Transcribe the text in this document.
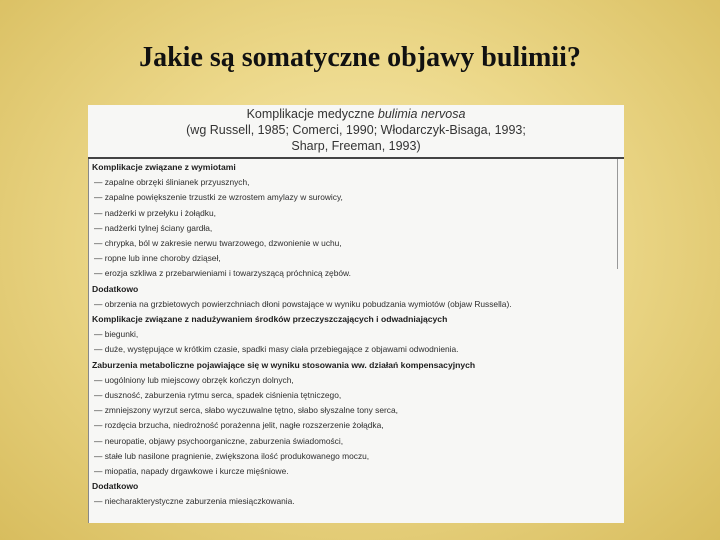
Jakie są somatyczne objawy bulimii?
Komplikacje medyczne bulimia nervosa
(wg Russell, 1985; Comerci, 1990; Włodarczyk-Bisaga, 1993;
Sharp, Freeman, 1993)
Komplikacje związane z wymiotami
— zapalne obrzęki ślinianek przyusznych,
— zapalne powiększenie trzustki ze wzrostem amylazy w surowicy,
— nadżerki w przełyku i żołądku,
— nadżerki tylnej ściany gardła,
— chrypka, ból w zakresie nerwu twarzowego, dzwonienie w uchu,
— ropne lub inne choroby dziąseł,
— erozja szkliwa z przebarwieniami i towarzyszącą próchnicą zębów.
Dodatkowo
— obrzenia na grzbietowych powierzchniach dłoni powstające w wyniku pobudzania wymiotów (objaw Russella).
Komplikacje związane z nadużywaniem środków przeczyszczających i odwadniających
— biegunki,
— duże, występujące w krótkim czasie, spadki masy ciała przebiegające z objawami odwodnienia.
Zaburzenia metaboliczne pojawiające się w wyniku stosowania ww. działań kompensacyjnych
— uogólniony lub miejscowy obrzęk kończyn dolnych,
— duszność, zaburzenia rytmu serca, spadek ciśnienia tętniczego,
— zmniejszony wyrzut serca, słabo wyczuwalne tętno, słabo słyszalne tony serca,
— rozdęcia brzucha, niedrożność porażenna jelit, nagłe rozszerzenie żołądka,
— neuropatie, objawy psychoorganiczne, zaburzenia świadomości,
— stałe lub nasilone pragnienie, zwiększona ilość produkowanego moczu,
— miopatia, napady drgawkowe i kurcze mięśniowe.
Dodatkowo
— niecharakterystyczne zaburzenia miesiączkowania.
